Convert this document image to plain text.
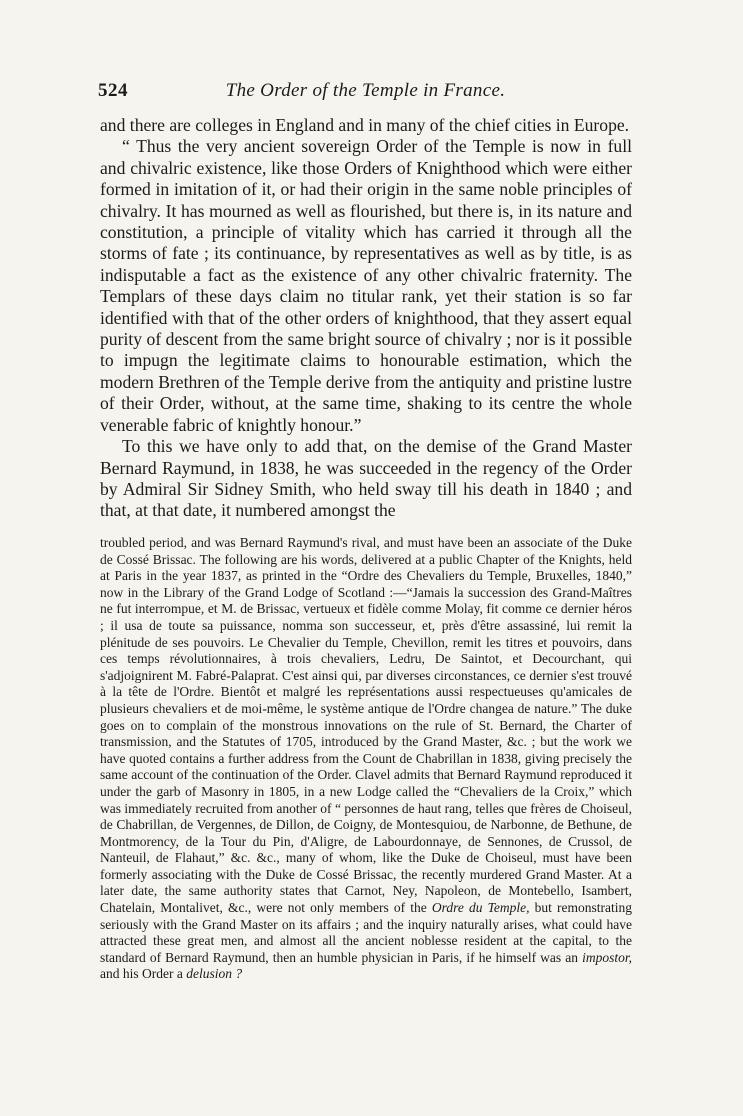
524	The Order of the Temple in France.

and there are colleges in England and in many of the chief cities in Europe.

“ Thus the very ancient sovereign Order of the Temple is now in full and chivalric existence, like those Orders of Knighthood which were either formed in imitation of it, or had their origin in the same noble principles of chivalry. It has mourned as well as flourished, but there is, in its nature and constitution, a principle of vitality which has carried it through all the storms of fate ; its continuance, by representatives as well as by title, is as indisputable a fact as the existence of any other chivalric fraternity. The Templars of these days claim no titular rank, yet their station is so far identified with that of the other orders of knighthood, that they assert equal purity of descent from the same bright source of chivalry ; nor is it possible to impugn the legitimate claims to honourable estimation, which the modern Brethren of the Temple derive from the antiquity and pristine lustre of their Order, without, at the same time, shaking to its centre the whole venerable fabric of knightly honour.”

To this we have only to add that, on the demise of the Grand Master Bernard Raymund, in 1838, he was succeeded in the regency of the Order by Admiral Sir Sidney Smith, who held sway till his death in 1840 ; and that, at that date, it numbered amongst the

troubled period, and was Bernard Raymund's rival, and must have been an associate of the Duke de Cossé Brissac. The following are his words, delivered at a public Chapter of the Knights, held at Paris in the year 1837, as printed in the “Ordre des Chevaliers du Temple, Bruxelles, 1840,” now in the Library of the Grand Lodge of Scotland :—“Jamais la succession des Grand-Maîtres ne fut interrompue, et M. de Brissac, vertueux et fidèle comme Molay, fit comme ce dernier héros ; il usa de toute sa puissance, nomma son successeur, et, près d'être assassiné, lui remit la plénitude de ses pouvoirs. Le Chevalier du Temple, Chevillon, remit les titres et pouvoirs, dans ces temps révolutionnaires, à trois chevaliers, Ledru, De Saintot, et Decourchant, qui s'adjoignirent M. Fabré-Palaprat. C'est ainsi qui, par diverses circonstances, ce dernier s'est trouvé à la tête de l'Ordre. Bientôt et malgré les représentations aussi respectueuses qu'amicales de plusieurs chevaliers et de moi-même, le système antique de l'Ordre changea de nature.” The duke goes on to complain of the monstrous innovations on the rule of St. Bernard, the Charter of transmission, and the Statutes of 1705, introduced by the Grand Master, &c. ; but the work we have quoted contains a further address from the Count de Chabrillan in 1838, giving precisely the same account of the continuation of the Order. Clavel admits that Bernard Raymund reproduced it under the garb of Masonry in 1805, in a new Lodge called the “Chevaliers de la Croix,” which was immediately recruited from another of “ personnes de haut rang, telles que frères de Choiseul, de Chabrillan, de Vergennes, de Dillon, de Coigny, de Montesquiou, de Narbonne, de Bethune, de Montmorency, de la Tour du Pin, d'Aligre, de Labourdonnaye, de Sennones, de Crussol, de Nanteuil, de Flahaut,” &c. &c., many of whom, like the Duke de Choiseul, must have been formerly associating with the Duke de Cossé Brissac, the recently murdered Grand Master. At a later date, the same authority states that Carnot, Ney, Napoleon, de Montebello, Isambert, Chatelain, Montalivet, &c., were not only members of the Ordre du Temple, but remonstrating seriously with the Grand Master on its affairs ; and the inquiry naturally arises, what could have attracted these great men, and almost all the ancient noblesse resident at the capital, to the standard of Bernard Raymund, then an humble physician in Paris, if he himself was an impostor, and his Order a delusion ?
